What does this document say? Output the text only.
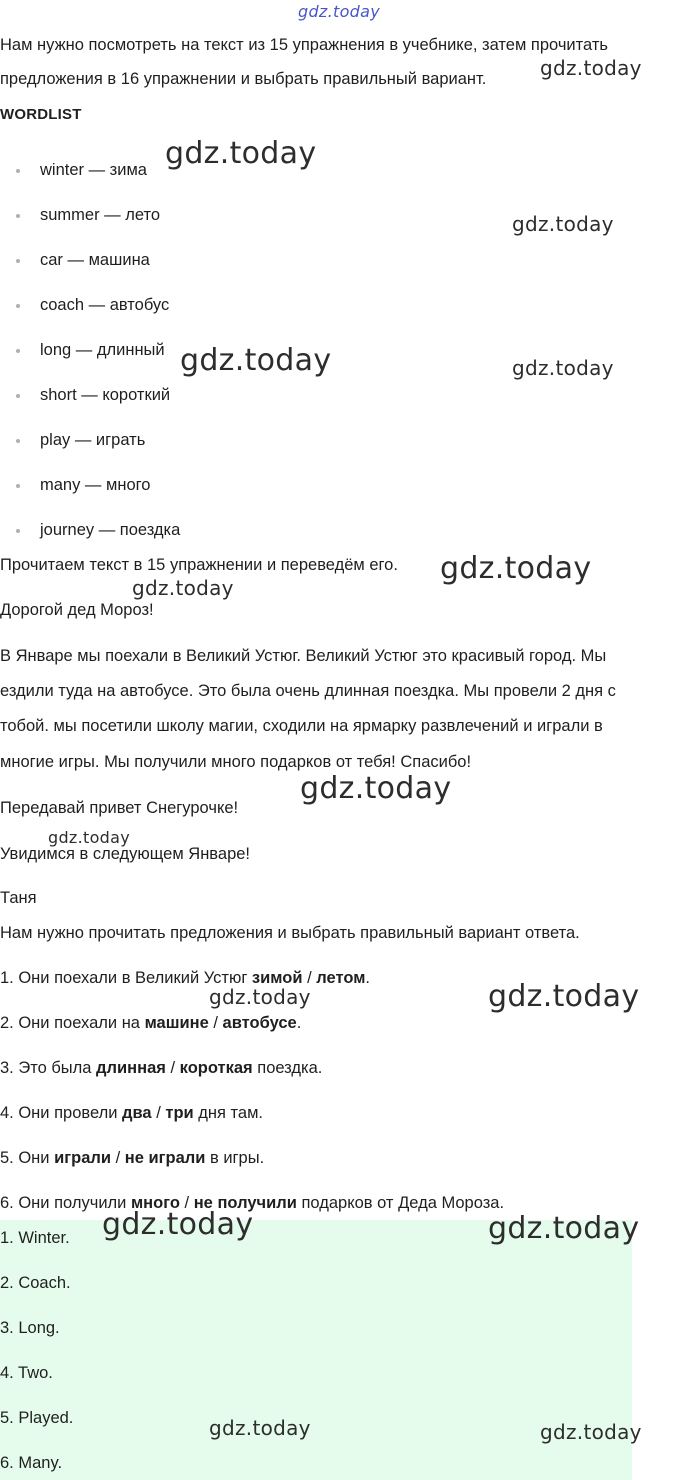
gdz.today
Нам нужно посмотреть на текст из 15 упражнения в учебнике, затем прочитать
предложения в 16 упражнении и выбрать правильный вариант.	gdz.today
WORDLIST
winter — зима
summer — лето
car — машина
coach — автобус
long — длинный
short — короткий
play — играть
many — много
journey — поездка
gdz.today
gdz.today
gdz.today	gdz.today
Прочитаем текст в 15 упражнении и переведём его. gdz.today
gdz.today
Дорогой дед Мороз!
В Январе мы поехали в Великий Устюг. Великий Устюг это красивый город. Мы
ездили туда на автобусе. Это была очень длинная поездка. Мы провели 2 дня с
тобой. мы посетили школу магии, сходили на ярмарку развлечений и играли в
многие игры. Мы получили много подарков от тебя! Спасибо!
gdz.today
Передавай привет Снегурочке!
gdz.today
Увидимся в следующем Январе!
Таня
Нам нужно прочитать предложения и выбрать правильный вариант ответа.
1. Они поехали в Великий Устюг зимой / летом.
gdz.today	gdz.today
2. Они поехали на машине / автобусе.
3. Это была длинная / короткая поездка.
4. Они провели два / три дня там.
5. Они играли / не играли в игры.
6. Они получили много / не получили подарков от Деда Мороза.
1. Winter.
2. Coach.
3. Long.
4. Two.
5. Played.
6. Many.
gdz.today	gdz.today
gdz.today	gdz.today
